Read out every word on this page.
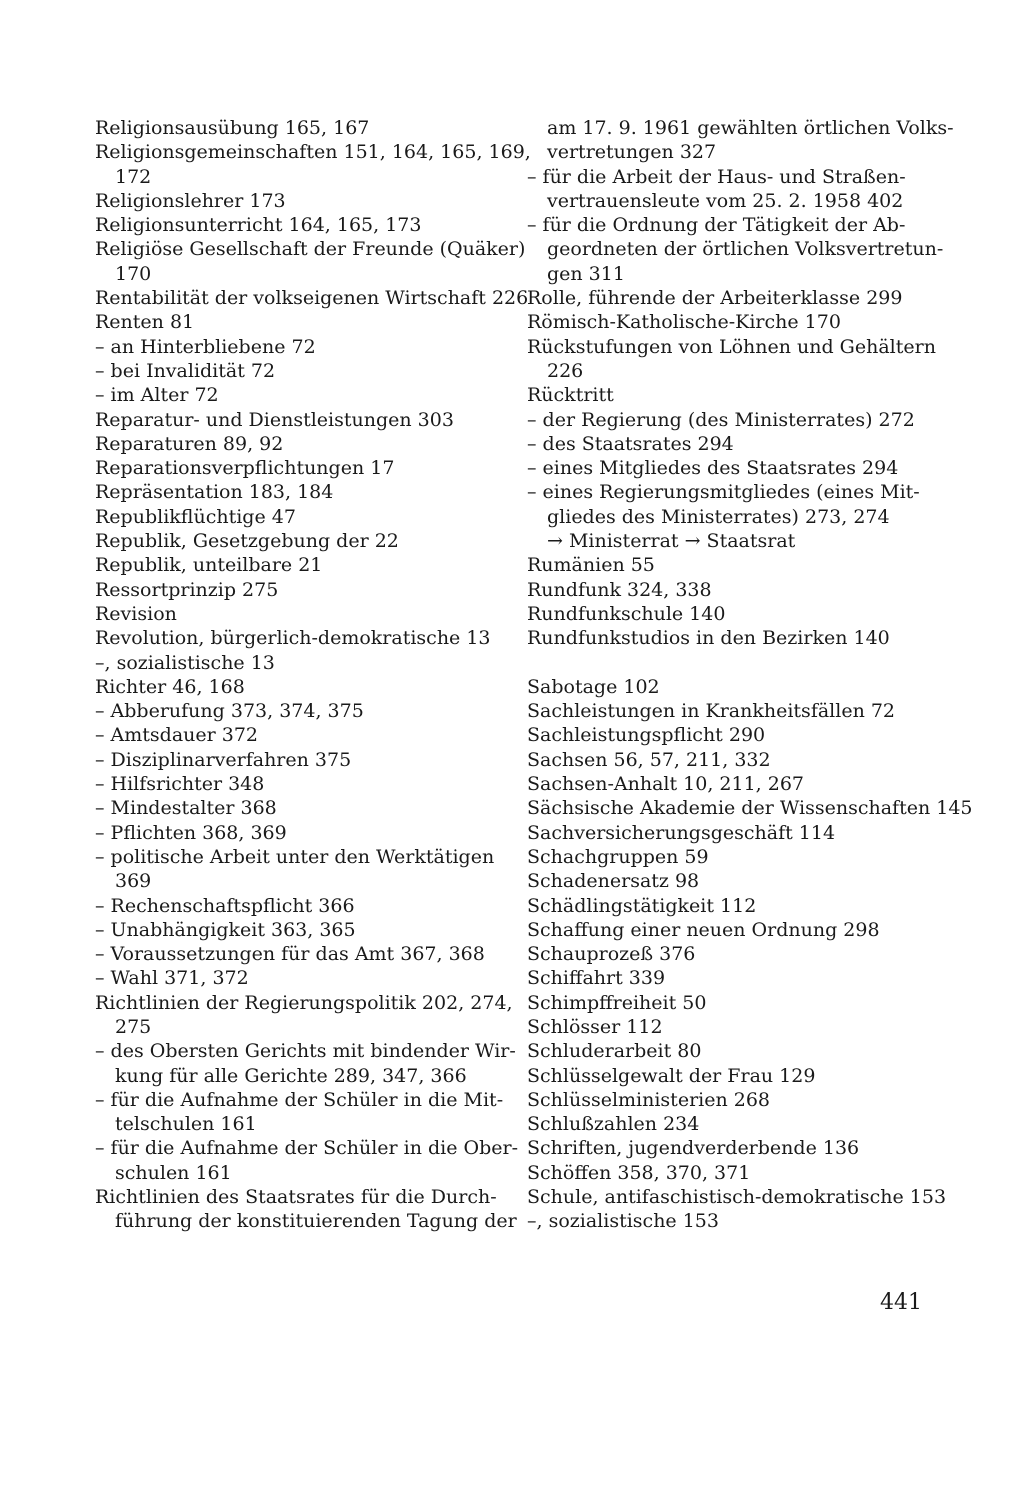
Religionsausübung 165, 167
Religionsgemeinschaften 151, 164, 165, 169,
172
Religionslehrer 173
Religionsunterricht 164, 165, 173
Religiöse Gesellschaft der Freunde (Quäker)
170
Rentabilität der volkseigenen Wirtschaft 226
Renten 81
– an Hinterbliebene 72
– bei Invalidität 72
– im Alter 72
Reparatur- und Dienstleistungen 303
Reparaturen 89, 92
Reparationsverpflichtungen 17
Repräsentation 183, 184
Republikflüchtige 47
Republik, Gesetzgebung der 22
Republik, unteilbare 21
Ressortprinzip 275
Revision
Revolution, bürgerlich-demokratische 13
–, sozialistische 13
Richter 46, 168
– Abberufung 373, 374, 375
– Amtsdauer 372
– Disziplinarverfahren 375
– Hilfsrichter 348
– Mindestalter 368
– Pflichten 368, 369
– politische Arbeit unter den Werktätigen
369
– Rechenschaftspflicht 366
– Unabhängigkeit 363, 365
– Voraussetzungen für das Amt 367, 368
– Wahl 371, 372
Richtlinien der Regierungspolitik 202, 274,
275
– des Obersten Gerichts mit bindender Wir-
kung für alle Gerichte 289, 347, 366
– für die Aufnahme der Schüler in die Mit-
telschulen 161
– für die Aufnahme der Schüler in die Ober-
schulen 161
Richtlinien des Staatsrates für die Durch-
führung der konstituierenden Tagung der
am 17. 9. 1961 gewählten örtlichen Volks-
vertretungen 327
– für die Arbeit der Haus- und Straßen-
vertrauensleute vom 25. 2. 1958 402
– für die Ordnung der Tätigkeit der Ab-
geordneten der örtlichen Volksvertretun-
gen 311
Rolle, führende der Arbeiterklasse 299
Römisch-Katholische-Kirche 170
Rückstufungen von Löhnen und Gehältern
226
Rücktritt
– der Regierung (des Ministerrates) 272
– des Staatsrates 294
– eines Mitgliedes des Staatsrates 294
– eines Regierungsmitgliedes (eines Mit-
gliedes des Ministerrates) 273, 274
→ Ministerrat → Staatsrat
Rumänien 55
Rundfunk 324, 338
Rundfunkschule 140
Rundfunkstudios in den Bezirken 140

Sabotage 102
Sachleistungen in Krankheitsfällen 72
Sachleistungspflicht 290
Sachsen 56, 57, 211, 332
Sachsen-Anhalt 10, 211, 267
Sächsische Akademie der Wissenschaften 145
Sachversicherungsgeschäft 114
Schachgruppen 59
Schadenersatz 98
Schädlingstätigkeit 112
Schaffung einer neuen Ordnung 298
Schauprozeß 376
Schiffahrt 339
Schimpffreiheit 50
Schlösser 112
Schluderarbeit 80
Schlüsselgewalt der Frau 129
Schlüsselministerien 268
Schlußzahlen 234
Schriften, jugendverderbende 136
Schöffen 358, 370, 371
Schule, antifaschistisch-demokratische 153
–, sozialistische 153
441
